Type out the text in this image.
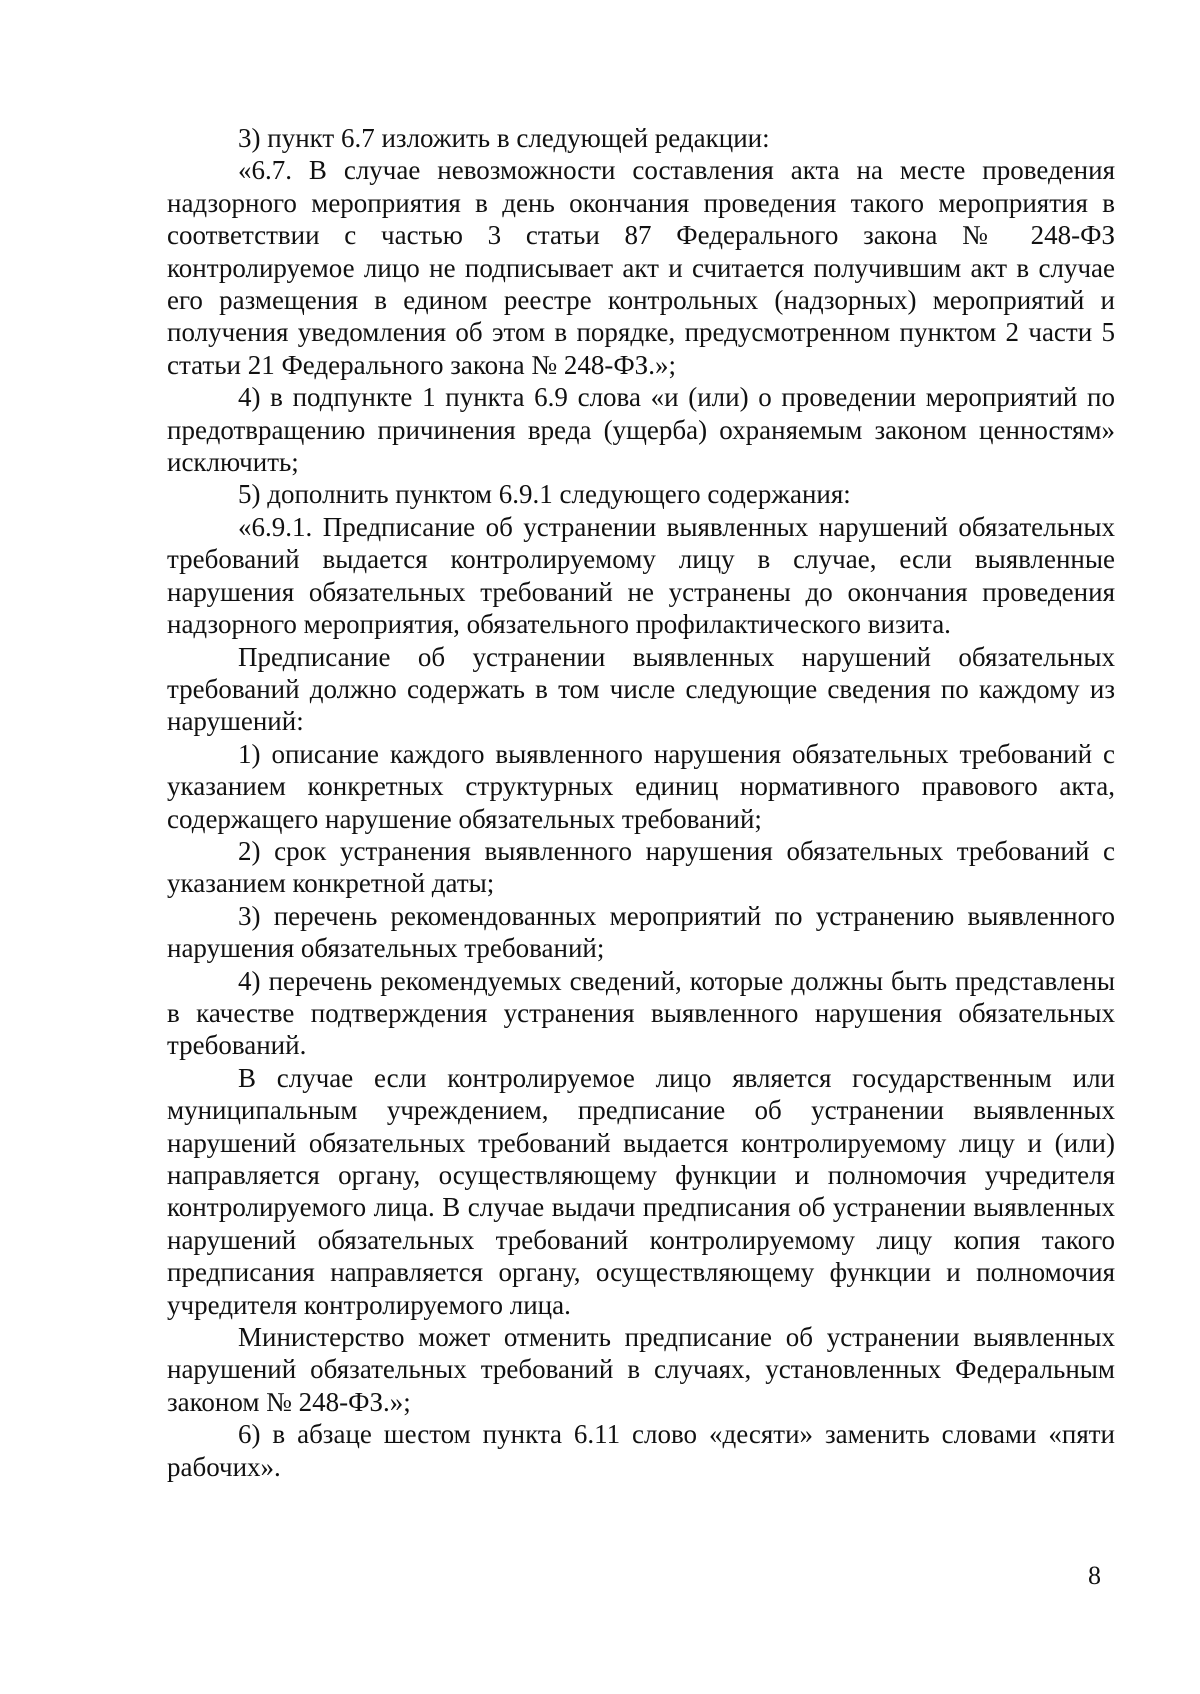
3) пункт 6.7 изложить в следующей редакции:

«6.7. В случае невозможности составления акта на месте проведения надзорного мероприятия в день окончания проведения такого мероприятия в соответствии с частью 3 статьи 87 Федерального закона № 248-ФЗ контролируемое лицо не подписывает акт и считается получившим акт в случае его размещения в едином реестре контрольных (надзорных) мероприятий и получения уведомления об этом в порядке, предусмотренном пунктом 2 части 5 статьи 21 Федерального закона № 248-ФЗ.»;

4) в подпункте 1 пункта 6.9 слова «и (или) о проведении мероприятий по предотвращению причинения вреда (ущерба) охраняемым законом ценностям» исключить;

5) дополнить пунктом 6.9.1 следующего содержания:

«6.9.1. Предписание об устранении выявленных нарушений обязательных требований выдается контролируемому лицу в случае, если выявленные нарушения обязательных требований не устранены до окончания проведения надзорного мероприятия, обязательного профилактического визита.

Предписание об устранении выявленных нарушений обязательных требований должно содержать в том числе следующие сведения по каждому из нарушений:

1) описание каждого выявленного нарушения обязательных требований с указанием конкретных структурных единиц нормативного правового акта, содержащего нарушение обязательных требований;

2) срок устранения выявленного нарушения обязательных требований с указанием конкретной даты;

3) перечень рекомендованных мероприятий по устранению выявленного нарушения обязательных требований;

4) перечень рекомендуемых сведений, которые должны быть представлены в качестве подтверждения устранения выявленного нарушения обязательных требований.

В случае если контролируемое лицо является государственным или муниципальным учреждением, предписание об устранении выявленных нарушений обязательных требований выдается контролируемому лицу и (или) направляется органу, осуществляющему функции и полномочия учредителя контролируемого лица. В случае выдачи предписания об устранении выявленных нарушений обязательных требований контролируемому лицу копия такого предписания направляется органу, осуществляющему функции и полномочия учредителя контролируемого лица.

Министерство может отменить предписание об устранении выявленных нарушений обязательных требований в случаях, установленных Федеральным законом № 248-ФЗ.»;

6) в абзаце шестом пункта 6.11 слово «десяти» заменить словами «пяти рабочих».

8
